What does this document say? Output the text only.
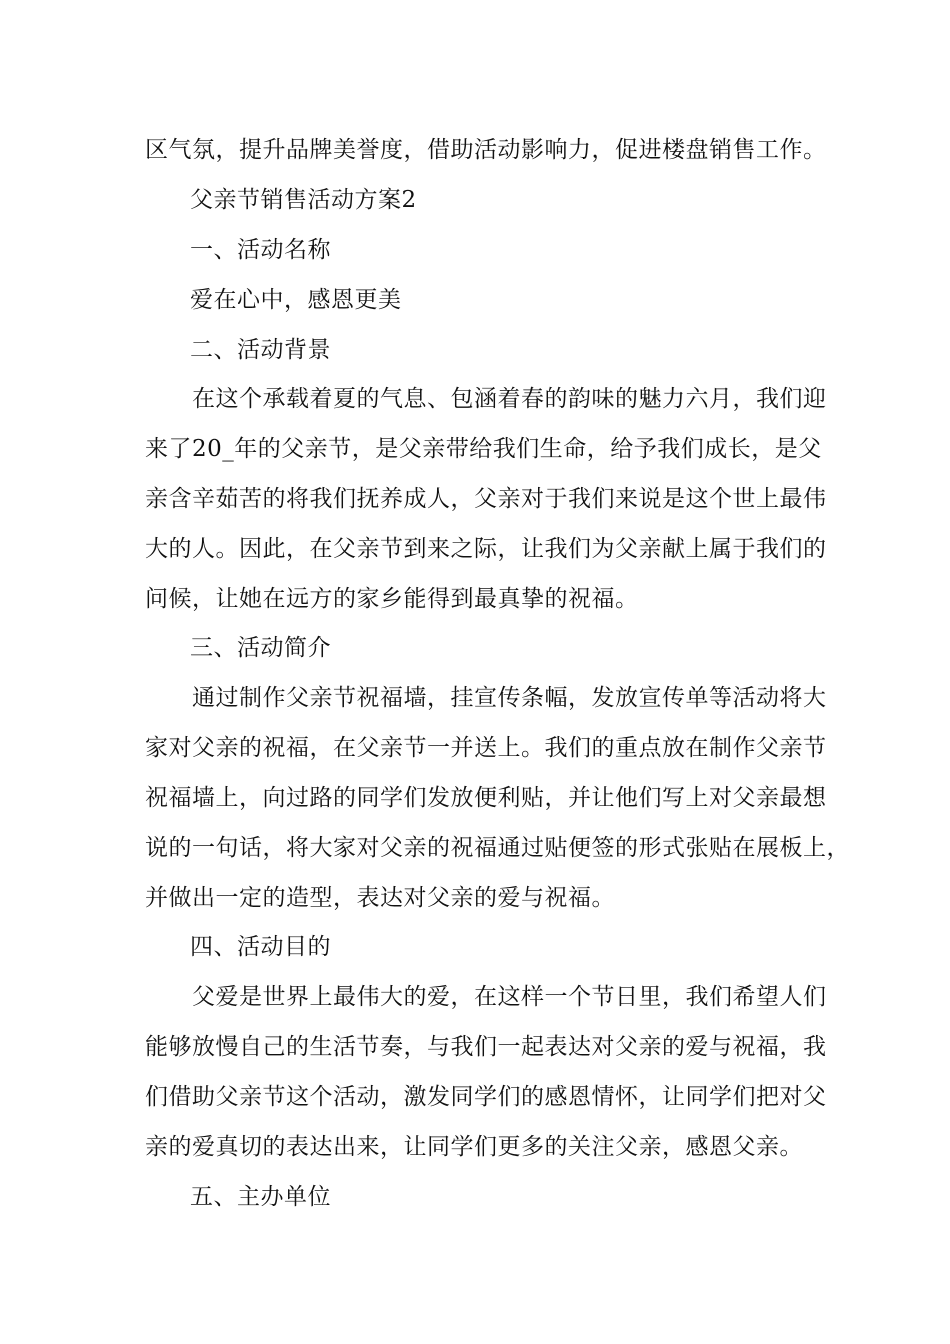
区气氛，提升品牌美誉度，借助活动影响力，促进楼盘销售工作。
父亲节销售活动方案2
一、活动名称
爱在心中，感恩更美
二、活动背景
在这个承载着夏的气息、包涵着春的韵味的魅力六月，我们迎
来了20_年的父亲节，是父亲带给我们生命，给予我们成长，是父
亲含辛茹苦的将我们抚养成人，父亲对于我们来说是这个世上最伟
大的人。因此，在父亲节到来之际，让我们为父亲献上属于我们的
问候，让她在远方的家乡能得到最真挚的祝福。
三、活动简介
通过制作父亲节祝福墙，挂宣传条幅，发放宣传单等活动将大
家对父亲的祝福，在父亲节一并送上。我们的重点放在制作父亲节
祝福墙上，向过路的同学们发放便利贴，并让他们写上对父亲最想
说的一句话，将大家对父亲的祝福通过贴便签的形式张贴在展板上，
并做出一定的造型，表达对父亲的爱与祝福。
四、活动目的
父爱是世界上最伟大的爱，在这样一个节日里，我们希望人们
能够放慢自己的生活节奏，与我们一起表达对父亲的爱与祝福，我
们借助父亲节这个活动，激发同学们的感恩情怀，让同学们把对父
亲的爱真切的表达出来，让同学们更多的关注父亲，感恩父亲。
五、主办单位
